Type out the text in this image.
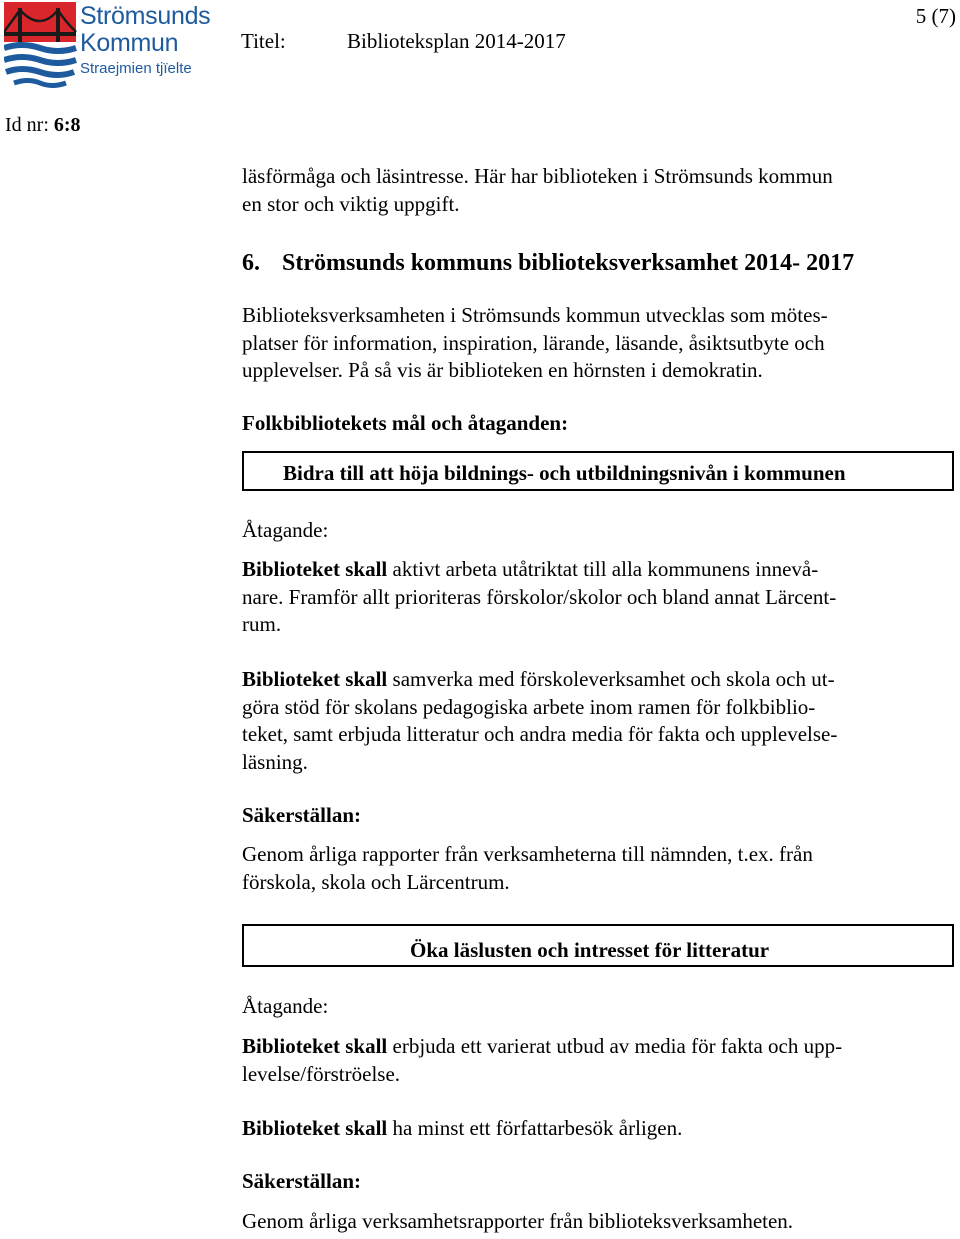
Strömsunds
Kommun
Straejmien tjïelte
Titel:	Biblioteksplan 2014-2017
5 (7)
Id nr: 6:8
läsförmåga och läsintresse. Här har biblioteken i Strömsunds kommun
en stor och viktig uppgift.
6. Strömsunds kommuns biblioteksverksamhet 2014- 2017
Biblioteksverksamheten i Strömsunds kommun utvecklas som mötes-
platser för information, inspiration, lärande, läsande, åsiktsutbyte och
upplevelser. På så vis är biblioteken en hörnsten i demokratin.
Folkbibliotekets mål och åtaganden:
Bidra till att höja bildnings- och utbildningsnivån i kommunen
Åtagande:
Biblioteket skall aktivt arbeta utåtriktat till alla kommunens innevå-
nare. Framför allt prioriteras förskolor/skolor och bland annat Lärcent-
rum.
Biblioteket skall samverka med förskoleverksamhet och skola och ut-
göra stöd för skolans pedagogiska arbete inom ramen för folkbiblio-
teket, samt erbjuda litteratur och andra media för fakta och upplevelse-
läsning.
Säkerställan:
Genom årliga rapporter från verksamheterna till nämnden, t.ex. från
förskola, skola och Lärcentrum.
Öka läslusten och intresset för litteratur
Åtagande:
Biblioteket skall erbjuda ett varierat utbud av media för fakta och upp-
levelse/förströelse.
Biblioteket skall ha minst ett författarbesök årligen.
Säkerställan:
Genom årliga verksamhetsrapporter från biblioteksverksamheten.
